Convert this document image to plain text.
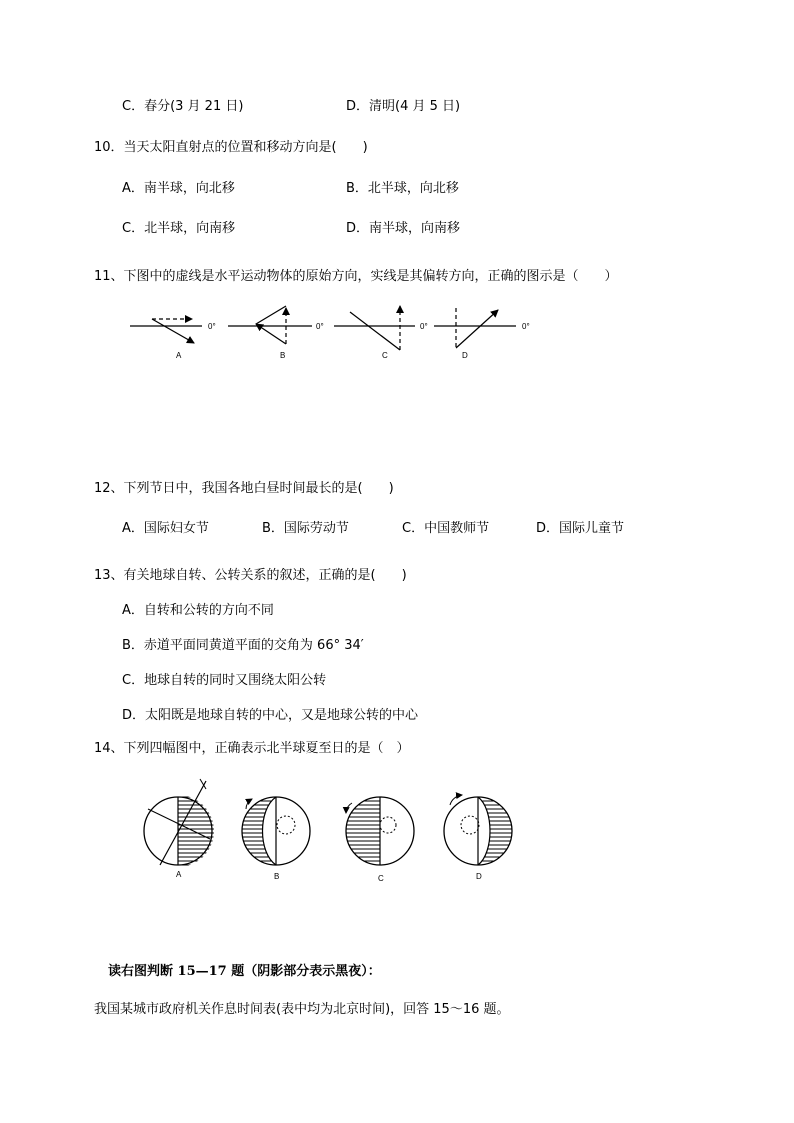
C．春分(3 月 21 日)	D．清明(4 月 5 日)
10．当天太阳直射点的位置和移动方向是(　　)
A．南半球，向北移	B．北半球，向北移
C．北半球，向南移	D．南半球，向南移
11、下图中的虚线是水平运动物体的原始方向，实线是其偏转方向，正确的图示是（　　）
0°
A
0°
B
0°
C
0°
D
12、下列节日中，我国各地白昼时间最长的是(　　)
A．国际妇女节	B．国际劳动节	C．中国教师节	D．国际儿童节
13、有关地球自转、公转关系的叙述，正确的是(　　)
A．自转和公转的方向不同
B．赤道平面同黄道平面的交角为 66° 34′
C．地球自转的同时又围绕太阳公转
D．太阳既是地球自转的中心，又是地球公转的中心
14、下列四幅图中，正确表示北半球夏至日的是（　）
A	B	C	D
读右图判断 15—17 题（阴影部分表示黑夜）：
我国某城市政府机关作息时间表(表中均为北京时间)，回答 15～16 题。
